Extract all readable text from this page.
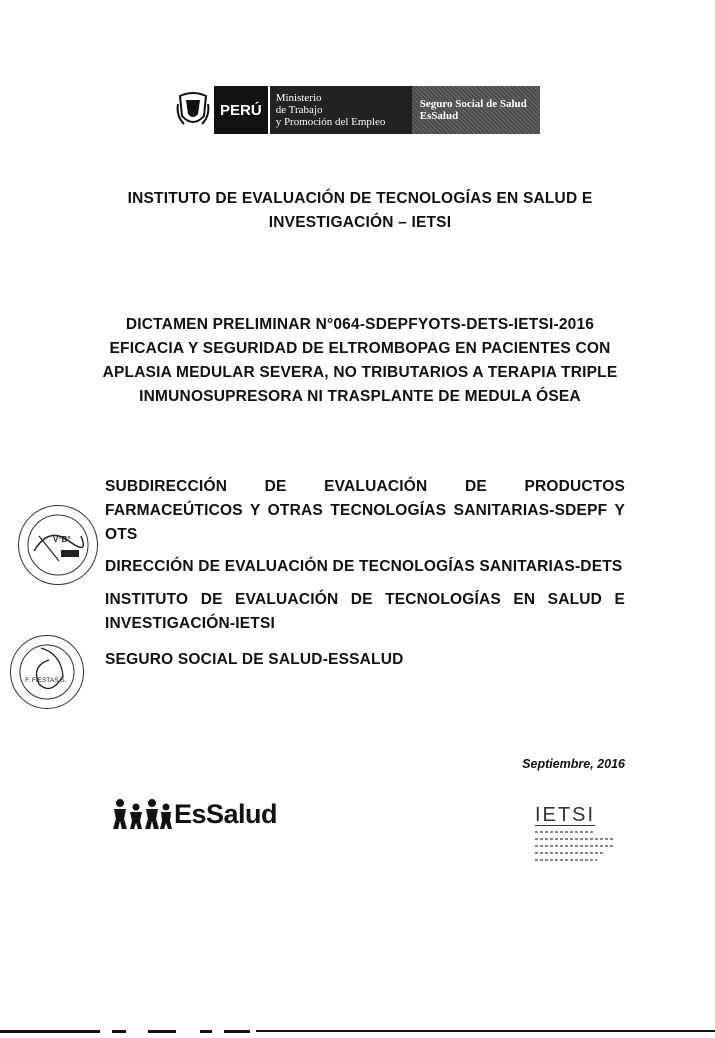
PERÚ
Ministerio
de Trabajo
y Promoción del Empleo
Seguro Social de Salud
EsSalud
INSTITUTO DE EVALUACIÓN DE TECNOLOGÍAS EN SALUD E
INVESTIGACIÓN – IETSI
DICTAMEN PRELIMINAR N°064-SDEPFYOTS-DETS-IETSI-2016
EFICACIA Y SEGURIDAD DE ELTROMBOPAG EN PACIENTES CON
APLASIA MEDULAR SEVERA, NO TRIBUTARIOS A TERAPIA TRIPLE
INMUNOSUPRESORA NI TRASPLANTE DE MEDULA ÓSEA
SUBDIRECCIÓN DE EVALUACIÓN DE PRODUCTOS
FARMACEÚTICOS Y OTRAS TECNOLOGÍAS SANITARIAS-SDEPF Y
OTS
DIRECCIÓN DE EVALUACIÓN DE TECNOLOGÍAS SANITARIAS-DETS
INSTITUTO DE EVALUACIÓN DE TECNOLOGÍAS EN SALUD E
INVESTIGACIÓN-IETSI
SEGURO SOCIAL DE SALUD-ESSALUD
V°B°
F. FIESTAS S.
Septiembre, 2016
EsSalud	IETSI
